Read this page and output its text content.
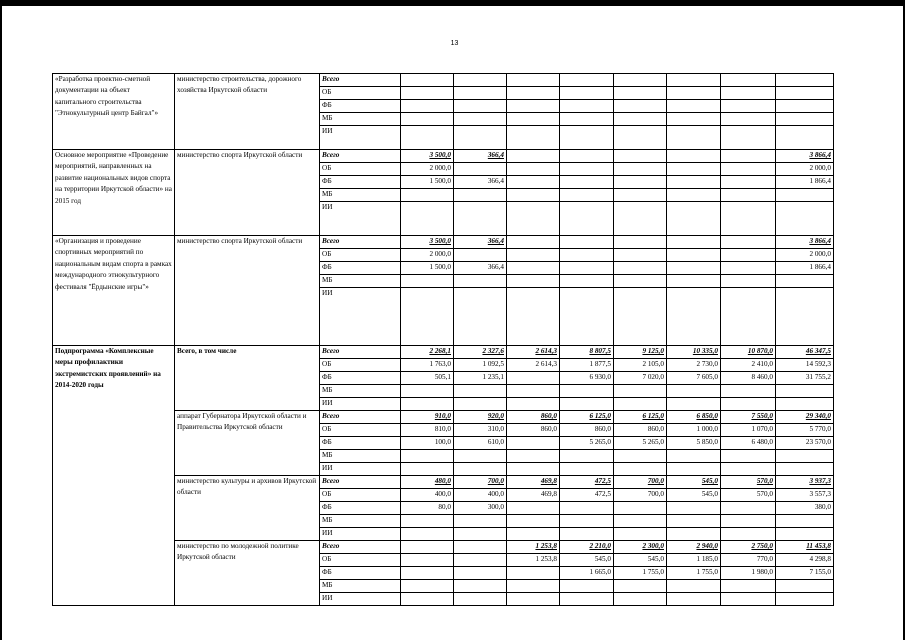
13
«Разработка проектно-сметной документации на объект капитального строительства "Этнокультурный центр Байгал"»	министерство строительства, дорожного хозяйства Иркутской области	Всего								
		ОБ								
		ФБ								
		МБ								
		ИИ								
Основное мероприятие «Проведение мероприятий, направленных на развитие национальных видов спорта на территории Иркутской области» на 2015 год	министерство спорта Иркутской области	Всего	3 500,0	366,4						3 866,4
		ОБ	2 000,0							2 000,0
		ФБ	1 500,0	366,4						1 866,4
		МБ								
		ИИ								
«Организация и проведение спортивных мероприятий по национальным видам спорта в рамках международного этнокультурного фестиваля "Ёрдынские игры"»	министерство спорта Иркутской области	Всего	3 500,0	366,4						3 866,4
		ОБ	2 000,0							2 000,0
		ФБ	1 500,0	366,4						1 866,4
		МБ								
		ИИ								
Подпрограмма «Комплексные меры профилактики экстремистских проявлений» на 2014-2020 годы	Всего, в том числе	Всего	2 268,1	2 327,6	2 614,3	8 807,5	9 125,0	10 335,0	10 870,0	46 347,5
		ОБ	1 763,0	1 092,5	2 614,3	1 877,5	2 105,0	2 730,0	2 410,0	14 592,3
		ФБ	505,1	1 235,1		6 930,0	7 020,0	7 605,0	8 460,0	31 755,2
		МБ								
		ИИ								
	аппарат Губернатора Иркутской области и Правительства Иркутской области	Всего	910,0	920,0	860,0	6 125,0	6 125,0	6 850,0	7 550,0	29 340,0
		ОБ	810,0	310,0	860,0	860,0	860,0	1 000,0	1 070,0	5 770,0
		ФБ	100,0	610,0		5 265,0	5 265,0	5 850,0	6 480,0	23 570,0
		МБ								
		ИИ								
	министерство культуры и архивов Иркутской области	Всего	480,0	700,0	469,8	472,5	700,0	545,0	570,0	3 937,3
		ОБ	400,0	400,0	469,8	472,5	700,0	545,0	570,0	3 557,3
		ФБ	80,0	300,0						380,0
		МБ								
		ИИ								
	министерство по молодежной политике Иркутской области	Всего			1 253,8	2 210,0	2 300,0	2 940,0	2 750,0	11 453,8
		ОБ			1 253,8	545,0	545,0	1 185,0	770,0	4 298,8
		ФБ				1 665,0	1 755,0	1 755,0	1 980,0	7 155,0
		МБ								
		ИИ								
